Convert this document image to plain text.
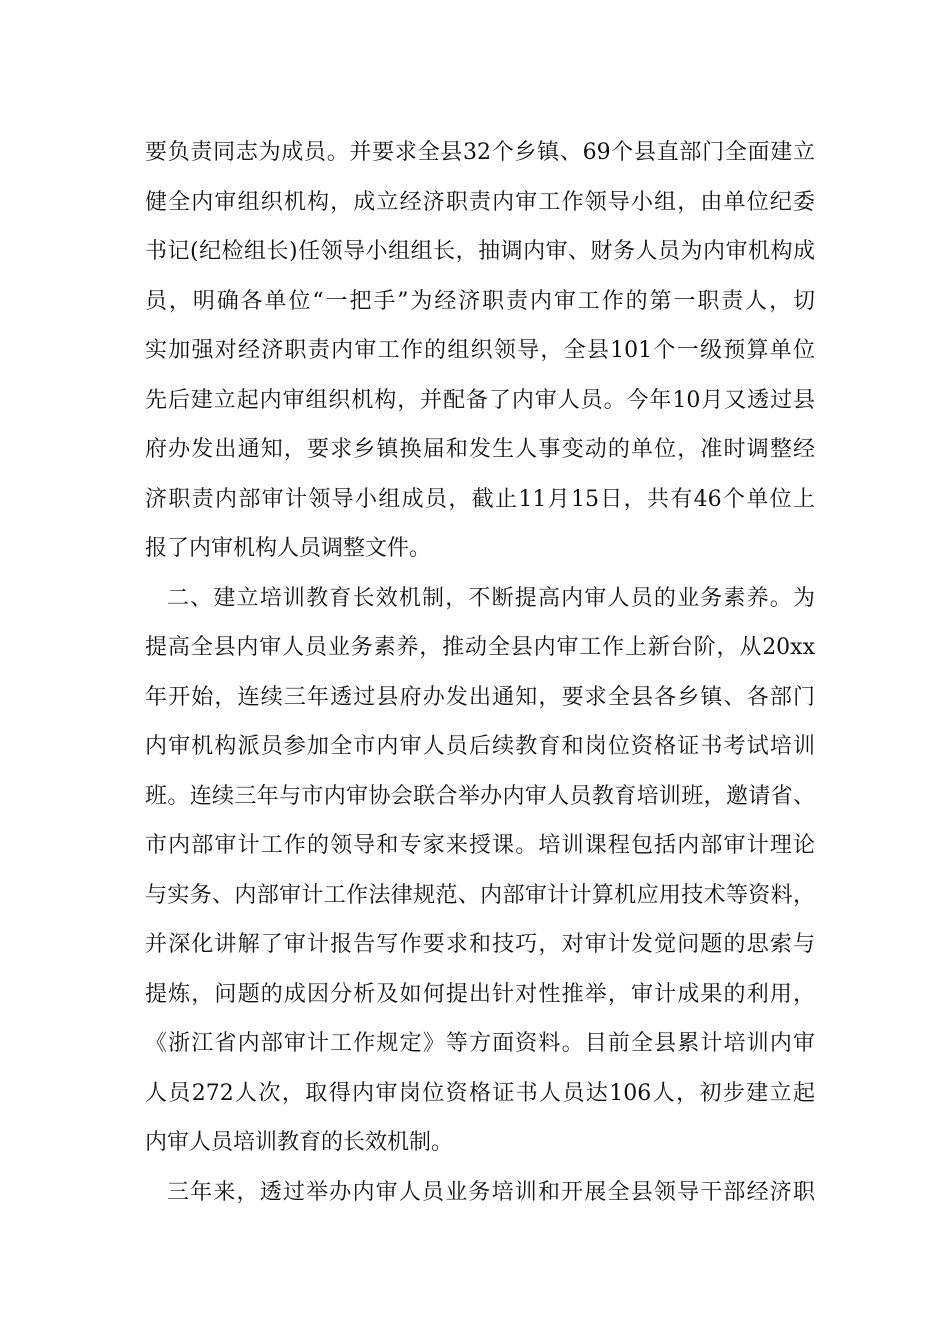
要负责同志为成员。并要求全县32个乡镇、69个县直部门全面建立
健全内审组织机构，成立经济职责内审工作领导小组，由单位纪委
书记(纪检组长)任领导小组组长，抽调内审、财务人员为内审机构成
员，明确各单位“一把手”为经济职责内审工作的第一职责人，切
实加强对经济职责内审工作的组织领导，全县101个一级预算单位
先后建立起内审组织机构，并配备了内审人员。今年10月又透过县
府办发出通知，要求乡镇换届和发生人事变动的单位，准时调整经
济职责内部审计领导小组成员，截止11月15日，共有46个单位上
报了内审机构人员调整文件。
二、建立培训教育长效机制，不断提高内审人员的业务素养。为
提高全县内审人员业务素养，推动全县内审工作上新台阶，从20xx
年开始，连续三年透过县府办发出通知，要求全县各乡镇、各部门
内审机构派员参加全市内审人员后续教育和岗位资格证书考试培训
班。连续三年与市内审协会联合举办内审人员教育培训班，邀请省、
市内部审计工作的领导和专家来授课。培训课程包括内部审计理论
与实务、内部审计工作法律规范、内部审计计算机应用技术等资料，
并深化讲解了审计报告写作要求和技巧，对审计发觉问题的思索与
提炼，问题的成因分析及如何提出针对性推举，审计成果的利用，
《浙江省内部审计工作规定》等方面资料。目前全县累计培训内审
人员272人次，取得内审岗位资格证书人员达106人，初步建立起
内审人员培训教育的长效机制。
三年来，透过举办内审人员业务培训和开展全县领导干部经济职
